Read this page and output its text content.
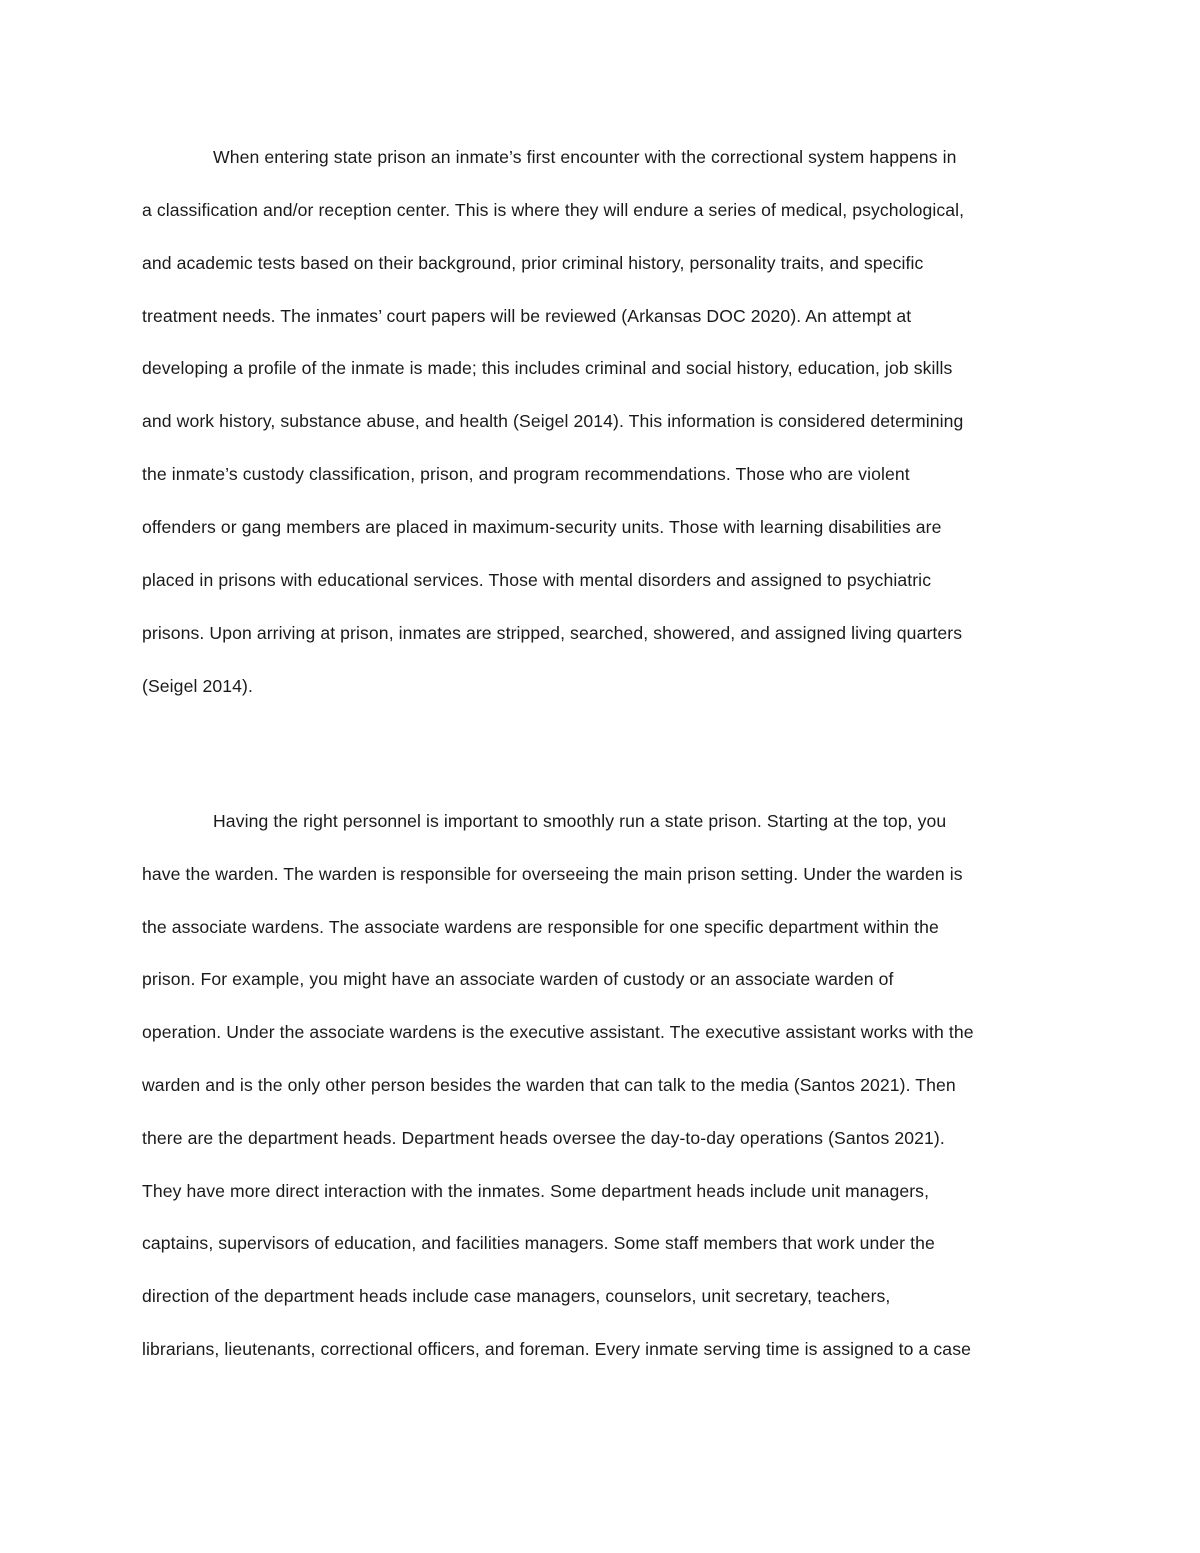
When entering state prison an inmate’s first encounter with the correctional system happens in

a classification and/or reception center. This is where they will endure a series of medical, psychological,

and academic tests based on their background, prior criminal history, personality traits, and specific

treatment needs. The inmates’ court papers will be reviewed (Arkansas DOC 2020). An attempt at

developing a profile of the inmate is made; this includes criminal and social history, education, job skills

and work history, substance abuse, and health (Seigel 2014). This information is considered determining

the inmate’s custody classification, prison, and program recommendations. Those who are violent

offenders or gang members are placed in maximum-security units. Those with learning disabilities are

placed in prisons with educational services. Those with mental disorders and assigned to psychiatric

prisons. Upon arriving at prison, inmates are stripped, searched, showered, and assigned living quarters

(Seigel 2014).

Having the right personnel is important to smoothly run a state prison. Starting at the top, you

have the warden. The warden is responsible for overseeing the main prison setting. Under the warden is

the associate wardens. The associate wardens are responsible for one specific department within the

prison. For example, you might have an associate warden of custody or an associate warden of

operation. Under the associate wardens is the executive assistant. The executive assistant works with the

warden and is the only other person besides the warden that can talk to the media (Santos 2021). Then

there are the department heads. Department heads oversee the day-to-day operations (Santos 2021).

They have more direct interaction with the inmates. Some department heads include unit managers,

captains, supervisors of education, and facilities managers. Some staff members that work under the

direction of the department heads include case managers, counselors, unit secretary, teachers,

librarians, lieutenants, correctional officers, and foreman. Every inmate serving time is assigned to a case
